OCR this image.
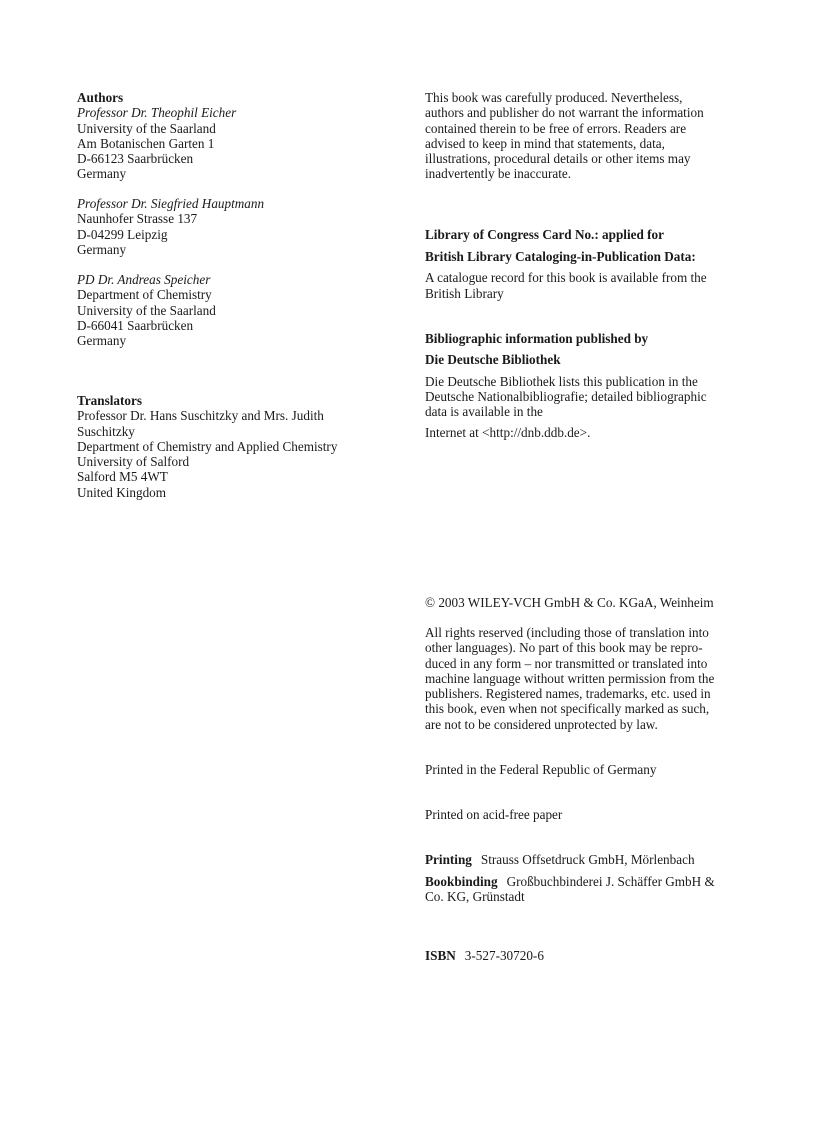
Authors
Professor Dr. Theophil Eicher
University of the Saarland
Am Botanischen Garten 1
D-66123 Saarbrücken
Germany
Professor Dr. Siegfried Hauptmann
Naunhofer Strasse 137
D-04299 Leipzig
Germany
PD Dr. Andreas Speicher
Department of Chemistry
University of the Saarland
D-66041 Saarbrücken
Germany
Translators
Professor Dr. Hans Suschitzky and Mrs. Judith
Suschitzky
Department of Chemistry and Applied Chemistry
University of Salford
Salford M5 4WT
United Kingdom
This book was carefully produced. Nevertheless,
authors and publisher do not warrant the information
contained therein to be free of errors. Readers are
advised to keep in mind that statements, data,
illustrations, procedural details or other items may
inadvertently be inaccurate.
Library of Congress Card No.: applied for
British Library Cataloging-in-Publication Data:
A catalogue record for this book is available from the
British Library
Bibliographic information published by
Die Deutsche Bibliothek
Die Deutsche Bibliothek lists this publication in the
Deutsche Nationalbibliografie; detailed bibliographic
data is available in the
Internet at <http://dnb.ddb.de>.
© 2003 WILEY-VCH GmbH & Co. KGaA, Weinheim
All rights reserved (including those of translation into
other languages). No part of this book may be repro-
duced in any form – nor transmitted or translated into
machine language without written permission from the
publishers. Registered names, trademarks, etc. used in
this book, even when not specifically marked as such,
are not to be considered unprotected by law.
Printed in the Federal Republic of Germany
Printed on acid-free paper
Printing Strauss Offsetdruck GmbH, Mörlenbach
Bookbinding Großbuchbinderei J. Schäffer GmbH &
Co. KG, Grünstadt
ISBN 3-527-30720-6
